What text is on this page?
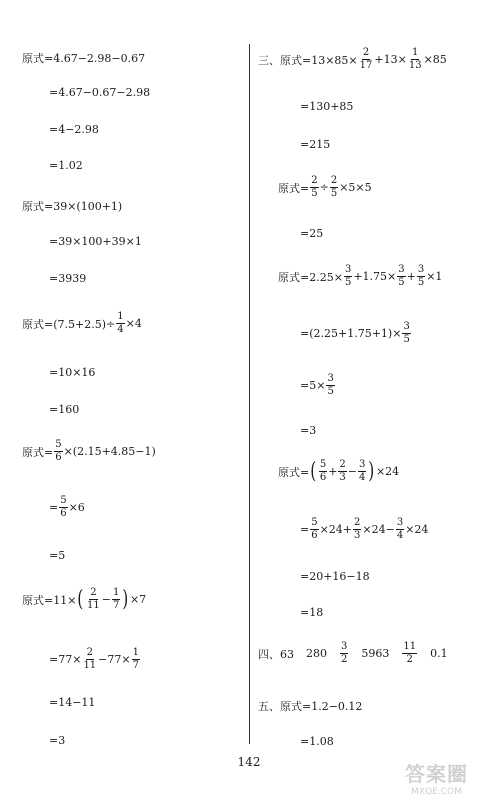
原式=4.67−2.98−0.67
=4.67−0.67−2.98
=4−2.98
=1.02
原式=39×(100+1)
=39×100+39×1
=3939
原式$=(7.5+2.5)\div \frac{1}{4} \times 4$
=10×16
=160
原式= $\frac{5}{6} \times(2.15+4.85-1)$
= $\frac{5}{6} \times 6$
=5
原式=11× ( $\frac{2}{11} - \frac{1}{7}$ ) ×7
$=77\times \frac{2}{11} -77\times \frac{1}{7}$
=14−11
=3
三、原式$=13\times 85\times \frac{2}{17} +13\times \frac{1}{13} \times 85$
=130+85
=215
原式= $\frac{2}{5} \div \frac{2}{5} \times 5\times 5$
=25
原式$=2.25\times \frac{3}{5} +1.75\times \frac{3}{5} + \frac{3}{5} \times 1$
$=(2.25+1.75+1)\times \frac{3}{5}$
$=5\times \frac{3}{5}$
=3
原式= ( $\frac{5}{6} + \frac{2}{3} - \frac{3}{4}$ ) ×24
= $\frac{5}{6} \times 24+ \frac{2}{3} \times 24- \frac{3}{4} \times 24$
=20+16−18
=18
四、63 $280 \frac{3}{2} 5963 \frac{11}{2} 0.1$
五、原式=1.2−0.12
=1.08
142	答案圈
MXQE.COM
